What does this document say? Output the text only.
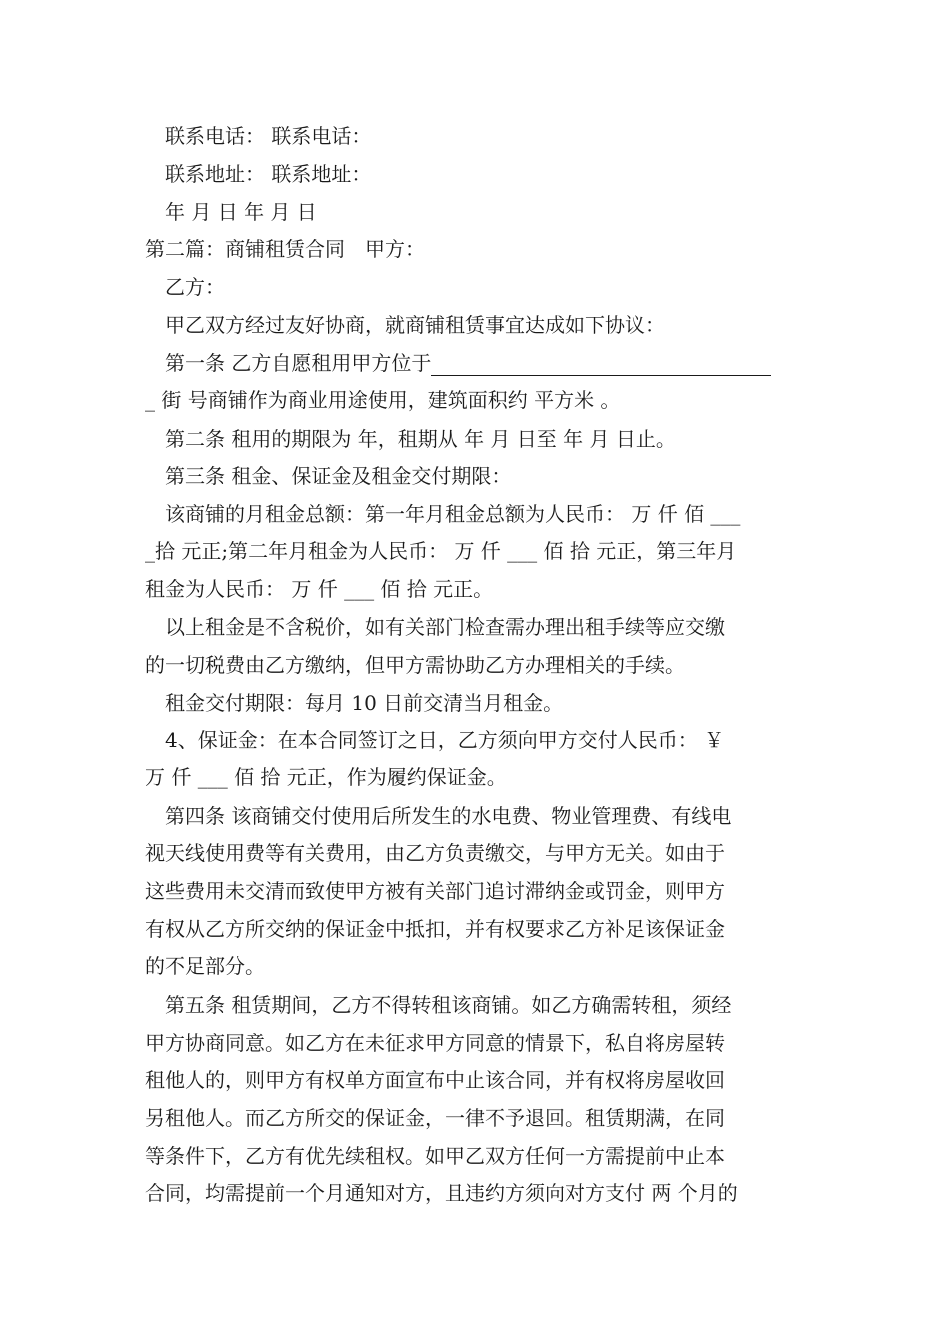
联系电话： 联系电话：
联系地址： 联系地址：
年 月 日 年 月 日
第二篇：商铺租赁合同　甲方：
乙方：
甲乙双方经过友好协商，就商铺租赁事宜达成如下协议：
第一条 乙方自愿租用甲方位于
_ 街 号商铺作为商业用途使用，建筑面积约 平方米 。
第二条 租用的期限为 年，租期从 年 月 日至 年 月 日止。
第三条 租金、保证金及租金交付期限：
该商铺的月租金总额：第一年月租金总额为人民币： 万 仟 佰 ___
_拾 元正;第二年月租金为人民币： 万 仟 ___ 佰 拾 元正，第三年月
租金为人民币： 万 仟 ___ 佰 拾 元正。
以上租金是不含税价，如有关部门检查需办理出租手续等应交缴
的一切税费由乙方缴纳，但甲方需协助乙方办理相关的手续。
租金交付期限：每月 10 日前交清当月租金。
4、保证金：在本合同签订之日，乙方须向甲方交付人民币： ￥
万 仟 ___ 佰 拾 元正，作为履约保证金。
第四条 该商铺交付使用后所发生的水电费、物业管理费、有线电
视天线使用费等有关费用，由乙方负责缴交，与甲方无关。如由于
这些费用未交清而致使甲方被有关部门追讨滞纳金或罚金，则甲方
有权从乙方所交纳的保证金中抵扣，并有权要求乙方补足该保证金
的不足部分。
第五条 租赁期间，乙方不得转租该商铺。如乙方确需转租，须经
甲方协商同意。如乙方在未征求甲方同意的情景下，私自将房屋转
租他人的，则甲方有权单方面宣布中止该合同，并有权将房屋收回
另租他人。而乙方所交的保证金，一律不予退回。租赁期满，在同
等条件下，乙方有优先续租权。如甲乙双方任何一方需提前中止本
合同，均需提前一个月通知对方，且违约方须向对方支付 两 个月的
